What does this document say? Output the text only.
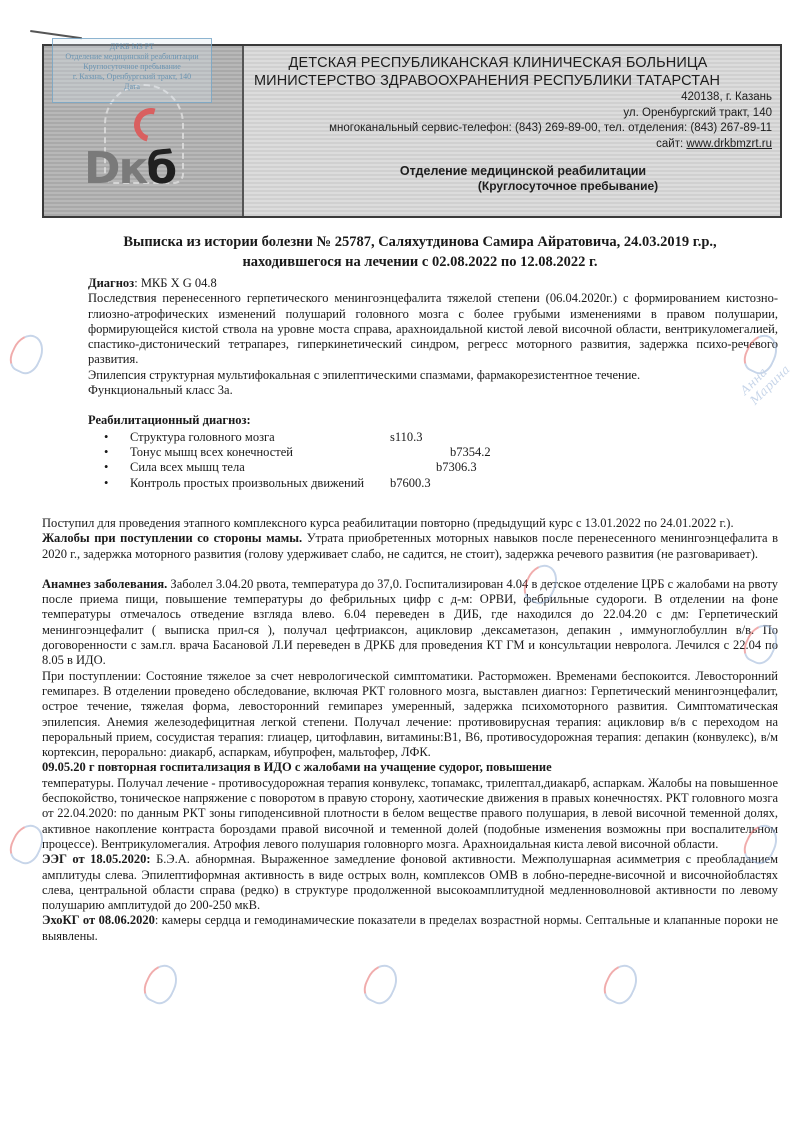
Dкб
ДЕТСКАЯ РЕСПУБЛИКАНСКАЯ КЛИНИЧЕСКАЯ БОЛЬНИЦА
МИНИСТЕРСТВО ЗДРАВООХРАНЕНИЯ РЕСПУБЛИКИ ТАТАРСТАН
420138, г. Казань
ул. Оренбургский тракт, 140
многоканальный сервис-телефон: (843) 269-89-00, тел. отделения: (843) 267-89-11
сайт: www.drkbmzrt.ru
Отделение медицинской реабилитации
(Круглосуточное пребывание)
ДРКБ МЗ РТ
Отделение медицинской реабилитации
Круглосуточное пребывание
г. Казань, Оренбургский тракт, 140
Дата
Выписка из истории болезни № 25787, Саляхутдинова Самира Айратовича, 24.03.2019 г.р.,
находившегося на лечении с 02.08.2022 по 12.08.2022 г.

Диагноз: МКБ Х G 04.8

Последствия перенесенного герпетического менингоэнцефалита тяжелой степени (06.04.2020г.) с формированием кистозно-глиозно-атрофических изменений полушарий головного мозга с более грубыми изменениями в правом полушарии, формирующейся кистой ствола на уровне моста справа, арахноидальной кистой левой височной области, вентрикуломегалией, спастико-дистонический тетрапарез, гиперкинетический синдром, регресс моторного развития, задержка психо-речевого развития.

Эпилепсия структурная мультифокальная с эпилептическими спазмами, фармакорезистентное течение.

Функциональный класс 3а.

Реабилитационный диагноз:

• Структура головного мозга	s110.3
• Тонус мышц всех конечностей	b7354.2
• Сила всех мышц тела	b7306.3
• Контроль простых произвольных движений	b7600.3

Поступил для проведения этапного комплексного курса реабилитации повторно (предыдущий курс с 13.01.2022 по 24.01.2022 г.).

Жалобы при поступлении со стороны мамы. Утрата приобретенных моторных навыков после перенесенного менингоэнцефалита в 2020 г., задержка моторного развития (голову удерживает слабо, не садится, не стоит), задержка речевого развития (не разговаривает).

Анамнез заболевания. Заболел 3.04.20 рвота, температура до 37,0. Госпитализирован 4.04 в детское отделение ЦРБ с жалобами на рвоту после приема пищи, повышение температуры до фебрильных цифр с д-м: ОРВИ, фебрильные судороги. В отделении на фоне температуры отмечалось отведение взгляда влево. 6.04 переведен в ДИБ, где находился до 22.04.20 с дм: Герпетический менингоэнцефалит ( выписка прил-ся ), получал цефтриаксон, ацикловир ,дексаметазон, депакин , иммуноглобуллин в/в. По договоренности с зам.гл. врача Басановой Л.И переведен в ДРКБ для проведения КТ ГМ и консультации невролога. Лечился с 22.04 по 8.05 в ИДО.

При поступлении: Состояние тяжелое за счет неврологической симптоматики. Расторможен. Временами беспокоится. Левосторонний гемипарез. В отделении проведено обследование, включая РКТ головного мозга, выставлен диагноз: Герпетический менингоэнцефалит, острое течение, тяжелая форма, левосторонний гемипарез умеренный, задержка психомоторного развития. Симптоматическая эпилепсия. Анемия железодефицитная легкой степени. Получал лечение: противовирусная терапия: ацикловир в/в с переходом на пероральный прием, сосудистая терапия: глиацер, цитофлавин, витамины:В1, В6, противосудорожная терапия: депакин (конвулекс), в/м кортексин, перорально: диакарб, аспаркам, ибупрофен, мальтофер, ЛФК.

09.05.20 г повторная госпитализация в ИДО с жалобами на учащение судорог, повышение

температуры. Получал лечение - противосудорожная терапия конвулекс, топамакс, трилептал,диакарб, аспаркам. Жалобы на повышенное беспокойство, тоническое напряжение с поворотом в правую сторону, хаотические движения в правых конечностях. РКТ головного мозга от 22.04.2020: по данным РКТ зоны гиподенсивной плотности в белом веществе правого полушария, в левой височной теменной долях, активное накопление контраста бороздами правой височной и теменной долей (подобные изменения возможны при воспалительном процессе). Вентрикуломегалия. Атрофия левого полушария головнорго мозга. Арахноидальная киста левой височной области.

ЭЭГ от 18.05.2020: Б.Э.А. абнормная. Выраженное замедление фоновой активности. Межполушарная асимметрия с преобладанием амплитуды слева. Эпилептиформная активность в виде острых волн, комплексов ОМВ в лобно-передне-височной и височнойобластях слева, центральной области справа (редко) в структуре продолженной высокоамплитудной медленноволновой активности по левому полушарию амплитудой до 200-250 мкВ.

ЭхоКГ от 08.06.2020: камеры сердца и гемодинамические показатели в пределах возрастной нормы. Септальные и клапанные пороки не выявлены.

Анна Марина
